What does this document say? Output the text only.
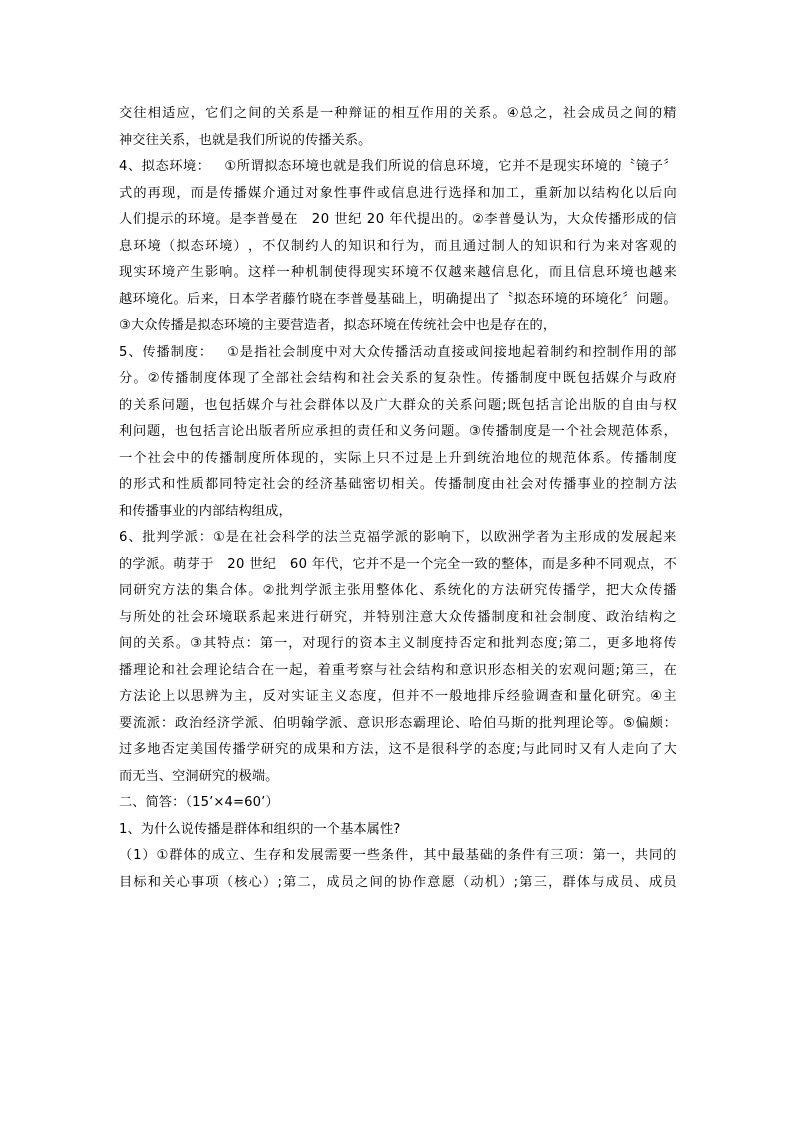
交 往 相 适 应 ， 它 们 之 间 的 关 系 是 一 种 辩 证 的 相 互 作 用 的 关 系 。 ④ 总 之 ， 社 会 成 员 之 间 的 精
神交往关系，也就是我们所说的传播关系。
4 、 拟 态 环 境 ：
　 ① 所 谓 拟 态 环 境 也 就 是 我 们 所 说 的 信 息 环 境 ， 它 并 不 是 现 实 环 境 的 〝 镜 子 〞
式 的 再 现 ， 而 是 传 播 媒 介 通 过 对 象 性 事 件 或 信 息 进 行 选 择 和 加 工 ， 重 新 加 以 结 构 化 以 后 向
人 们 提 示 的 环 境 。 是 李 普 曼 在
　 2 0
世 纪
2 0
年 代 提 出 的 。 ② 李 普 曼 认 为 ， 大 众 传 播 形 成 的 信
息 环 境 （ 拟 态 环 境 ） ， 不 仅 制 约 人 的 知 识 和 行 为 ， 而 且 通 过 制 人 的 知 识 和 行 为 来 对 客 观 的
现 实 环 境 产 生 影 响 。 这 样 一 种 机 制 使 得 现 实 环 境 不 仅 越 来 越 信 息 化 ， 而 且 信 息 环 境 也 越 来
越 环 境 化 。 后 来 ， 日 本 学 者 藤 竹 晓 在 李 普 曼 基 础 上 ， 明 确 提 出 了 〝 拟 态 环 境 的 环 境 化 〞 问 题 。
③大众传播是拟态环境的主要营造者，拟态环境在传统社会中也是存在的，
5 、 传 播 制 度 ：
　 ① 是 指 社 会 制 度 中 对 大 众 传 播 活 动 直 接 或 间 接 地 起 着 制 约 和 控 制 作 用 的 部
分 。 ② 传 播 制 度 体 现 了 全 部 社 会 结 构 和 社 会 关 系 的 复 杂 性 。 传 播 制 度 中 既 包 括 媒 介 与 政 府
的 关 系 问 题 ， 也 包 括 媒 介 与 社 会 群 体 以 及 广 大 群 众 的 关 系 问 题 ; 既 包 括 言 论 出 版 的 自 由 与 权
利 问 题 ， 也 包 括 言 论 出 版 者 所 应 承 担 的 责 任 和 义 务 问 题 。 ③ 传 播 制 度 是 一 个 社 会 规 范 体 系 ，
一 个 社 会 中 的 传 播 制 度 所 体 现 的 ， 实 际 上 只 不 过 是 上 升 到 统 治 地 位 的 规 范 体 系 。 传 播 制 度
的 形 式 和 性 质 都 同 特 定 社 会 的 经 济 基 础 密 切 相 关 。 传 播 制 度 由 社 会 对 传 播 事 业 的 控 制 方 法
和传播事业的内部结构组成，
6 、 批 判 学 派 ： ① 是 在 社 会 科 学 的 法 兰 克 福 学 派 的 影 响 下 ， 以 欧 洲 学 者 为 主 形 成 的 发 展 起 来
的 学 派 。 萌 芽 于
　 2 0
世 纪
　 6 0
年 代 ， 它 并 不 是 一 个 完 全 一 致 的 整 体 ， 而 是 多 种 不 同 观 点 ， 不
同 研 究 方 法 的 集 合 体 。 ② 批 判 学 派 主 张 用 整 体 化 、 系 统 化 的 方 法 研 究 传 播 学 ， 把 大 众 传 播
与 所 处 的 社 会 环 境 联 系 起 来 进 行 研 究 ， 并 特 别 注 意 大 众 传 播 制 度 和 社 会 制 度 、 政 治 结 构 之
间 的 关 系 。 ③ 其 特 点 ： 第 一 ， 对 现 行 的 资 本 主 义 制 度 持 否 定 和 批 判 态 度 ; 第 二 ， 更 多 地 将 传
播 理 论 和 社 会 理 论 结 合 在 一 起 ， 着 重 考 察 与 社 会 结 构 和 意 识 形 态 相 关 的 宏 观 问 题 ; 第 三 ， 在
方 法 论 上 以 思 辨 为 主 ， 反 对 实 证 主 义 态 度 ， 但 并 不 一 般 地 排 斥 经 验 调 查 和 量 化 研 究 。 ④ 主
要 流 派 ： 政 治 经 济 学 派 、 伯 明 翰 学 派 、 意 识 形 态 霸 理 论 、 哈 伯 马 斯 的 批 判 理 论 等 。 ⑤ 偏 颇 ：
过 多 地 否 定 美 国 传 播 学 研 究 的 成 果 和 方 法 ， 这 不 是 很 科 学 的 态 度 ; 与 此 同 时 又 有 人 走 向 了 大
而无当、空洞研究的极端。
二、简答：（15’×4=60’）
1、为什么说传播是群体和组织的一个基本属性?
（ 1 ） ① 群 体 的 成 立 、 生 存 和 发 展 需 要 一 些 条 件 ， 其 中 最 基 础 的 条 件 有 三 项 ： 第 一 ， 共 同 的
目 标 和 关 心 事 项 （ 核 心 ） ; 第 二 ， 成 员 之 间 的 协 作 意 愿 （ 动 机 ） ; 第 三 ， 群 体 与 成 员 、 成 员
